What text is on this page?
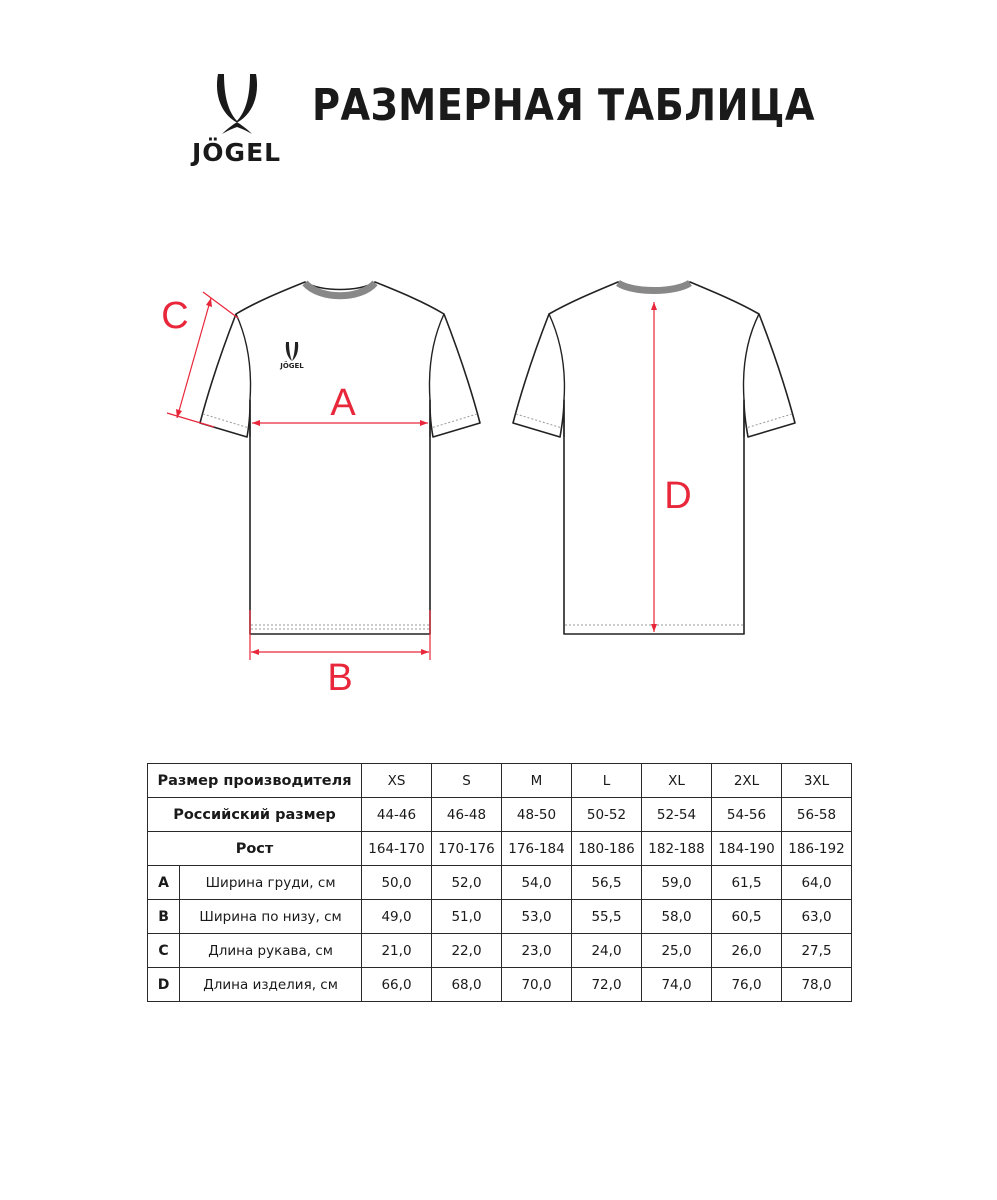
JÖGEL
РАЗМЕРНАЯ ТАБЛИЦА
JÖGEL
A
B
C
D
Размер производителя		XS	S	M	L	XL	2XL	3XL
Российский размер		44-46	46-48	48-50	50-52	52-54	54-56	56-58
Рост		164-170	170-176	176-184	180-186	182-188	184-190	186-192
A	Ширина груди, см	50,0	52,0	54,0	56,5	59,0	61,5	64,0
B	Ширина по низу, см	49,0	51,0	53,0	55,5	58,0	60,5	63,0
C	Длина рукава, см	21,0	22,0	23,0	24,0	25,0	26,0	27,5
D	Длина изделия, см	66,0	68,0	70,0	72,0	74,0	76,0	78,0
